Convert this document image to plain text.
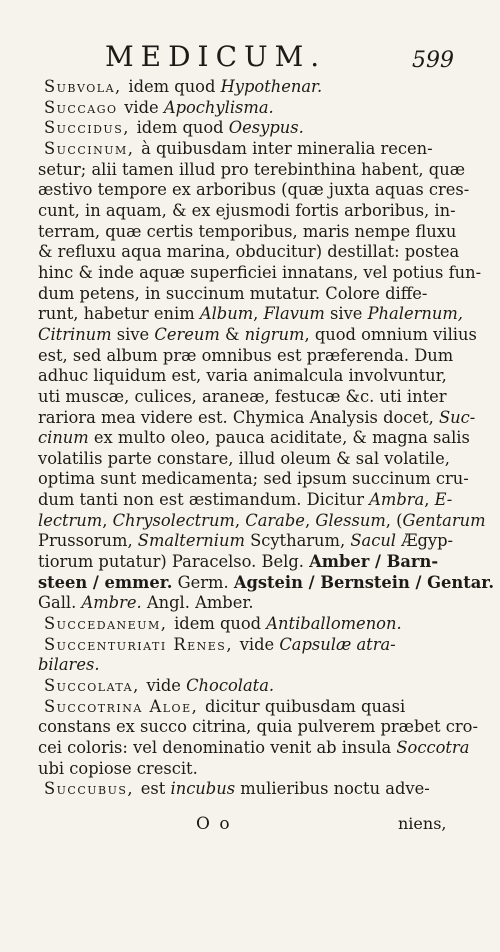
MEDICUM.	599
Subvola, idem quod Hypothenar.
Succago vide Apochylisma.
Succidus, idem quod Oesypus.
Succinum, à quibusdam inter mineralia recen-
setur; alii tamen illud pro terebinthina habent, quæ
æstivo tempore ex arboribus (quæ juxta aquas cres-
cunt, in aquam, & ex ejusmodi fortis arboribus, in-
terram, quæ certis temporibus, maris nempe fluxu
& refluxu aqua marina, obducitur) destillat: postea
hinc & inde aquæ superficiei innatans, vel potius fun-
dum petens, in succinum mutatur. Colore diffe-
runt, habetur enim Album, Flavum sive Phalernum,
Citrinum sive Cereum & nigrum, quod omnium vilius
est, sed album præ omnibus est præferenda. Dum
adhuc liquidum est, varia animalcula involvuntur,
uti muscæ, culices, araneæ, festucæ &c. uti inter
rariora mea videre est. Chymica Analysis docet, Suc-
cinum ex multo oleo, pauca aciditate, & magna salis
volatilis parte constare, illud oleum & sal volatile,
optima sunt medicamenta; sed ipsum succinum cru-
dum tanti non est æstimandum. Dicitur Ambra, E-
lectrum, Chrysolectrum, Carabe, Glessum, (Gentarum
Prussorum, Smalternium Scytharum, Sacul Ægyp-
tiorum putatur) Paracelso. Belg. Amber / Barn-
steen / emmer. Germ. Agstein / Bernstein / Gentar.
Gall. Ambre. Angl. Amber.
Succedaneum, idem quod Antiballomenon.
Succenturiati Renes, vide Capsulæ atra-
bilares.
Succolata, vide Chocolata.
Succotrina Aloe, dicitur quibusdam quasi
constans ex succo citrina, quia pulverem præbet cro-
cei coloris: vel denominatio venit ab insula Soccotra
ubi copiose crescit.
Succubus, est incubus mulieribus noctu adve-
O o	niens,
